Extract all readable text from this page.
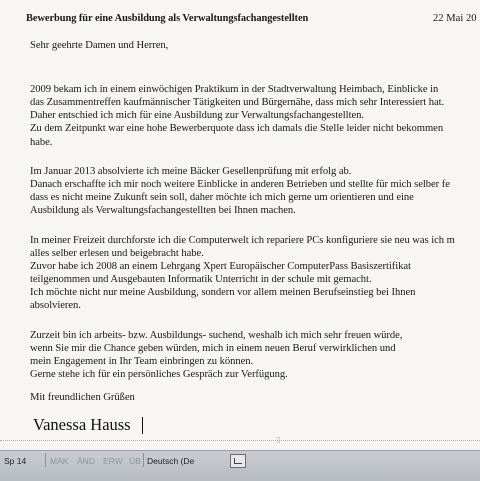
Bewerbung für eine Ausbildung als Verwaltungsfachangestellten	22 Mai 20
Sehr geehrte Damen und Herren,
2009 bekam ich in einem einwöchigen Praktikum in der Stadtverwaltung Heimbach, Einblicke in
das Zusammentreffen kaufmännischer Tätigkeiten und Bürgernähe, dass mich sehr Interessiert hat.
Daher entschied ich mich für eine Ausbildung zur Verwaltungsfachangestellten.
Zu dem Zeitpunkt war eine hohe Bewerberquote dass ich damals die Stelle leider nicht bekommen
habe.
Im Januar 2013 absolvierte ich meine Bäcker Gesellenprüfung mit erfolg ab.
Danach erschaffte ich mir noch weitere Einblicke in anderen Betrieben und stellte für mich selber fe
dass es nicht meine Zukunft sein soll, daher möchte ich mich gerne um orientieren und eine
Ausbildung als Verwaltungsfachangestellten bei Ihnen machen.
In meiner Freizeit durchforste ich die Computerwelt ich repariere PCs konfiguriere sie neu was ich m
alles selber erlesen und beigebracht habe.
Zuvor habe ich 2008 an einem Lehrgang Xpert Europäischer ComputerPass Basiszertifikat
teilgenommen und Ausgebauten Informatik Unterricht in der schule mit gemacht.
Ich möchte nicht nur meine Ausbildung, sondern vor allem meinen Berufseinstieg bei Ihnen
absolvieren.
Zurzeit bin ich arbeits- bzw. Ausbildungs- suchend, weshalb ich mich sehr freuen würde,
wenn Sie mir die Chance geben würden, mich in einem neuen Beruf verwirklichen und
mein Engagement in Ihr Team einbringen zu können.
Gerne stehe ich für ein persönliches Gespräch zur Verfügung.
Mit freundlichen Grüßen
Vanessa Hauss
⁞⁞
Sp 14	MAK ÄND ERW ÜB Deutsch (De
